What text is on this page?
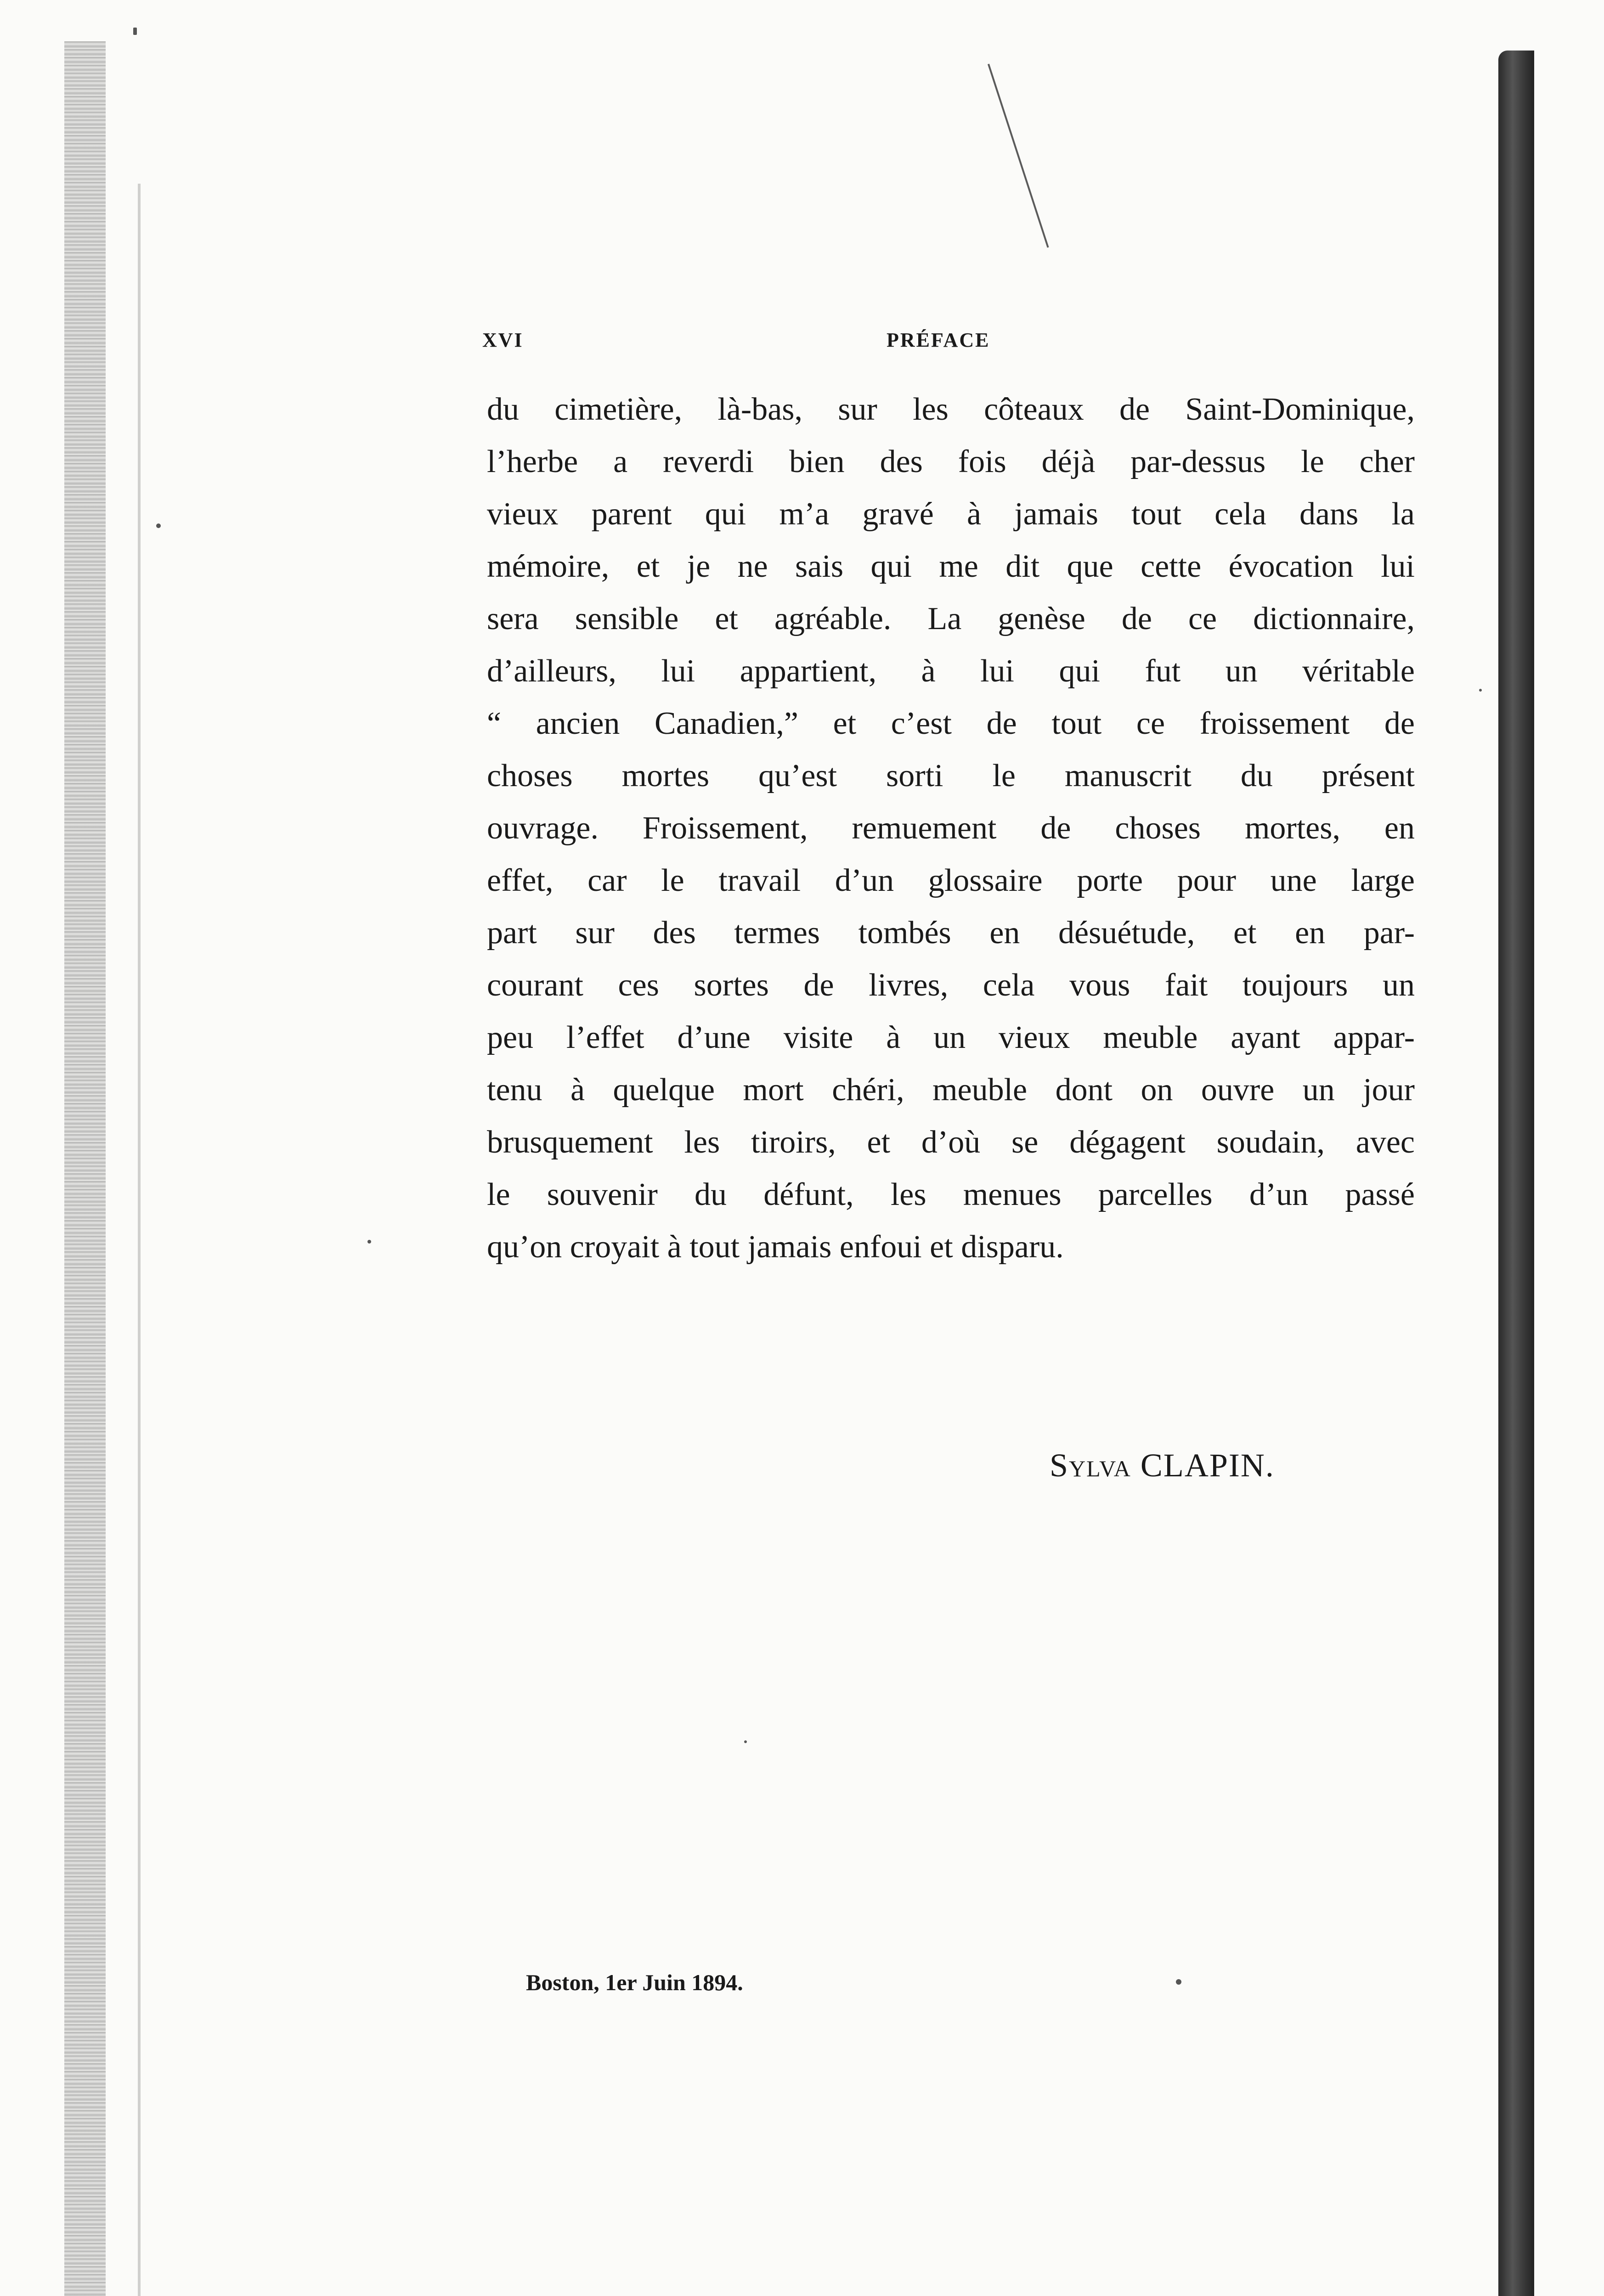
XVI	PRÉFACE
du cimetière, là-bas, sur les côteaux de Saint-Dominique,
l’herbe a reverdi bien des fois déjà par-dessus le cher
vieux parent qui m’a gravé à jamais tout cela dans la
mémoire, et je ne sais qui me dit que cette évocation lui
sera sensible et agréable. La genèse de ce dictionnaire,
d’ailleurs, lui appartient, à lui qui fut un véritable
“ ancien Canadien,” et c’est de tout ce froissement de
choses mortes qu’est sorti le manuscrit du présent
ouvrage. Froissement, remuement de choses mortes, en
effet, car le travail d’un glossaire porte pour une large
part sur des termes tombés en désuétude, et en par-
courant ces sortes de livres, cela vous fait toujours un
peu l’effet d’une visite à un vieux meuble ayant appar-
tenu à quelque mort chéri, meuble dont on ouvre un jour
brusquement les tiroirs, et d’où se dégagent soudain, avec
le souvenir du défunt, les menues parcelles d’un passé
qu’on croyait à tout jamais enfoui et disparu.
Sylva CLAPIN.
Boston, 1er Juin 1894.
